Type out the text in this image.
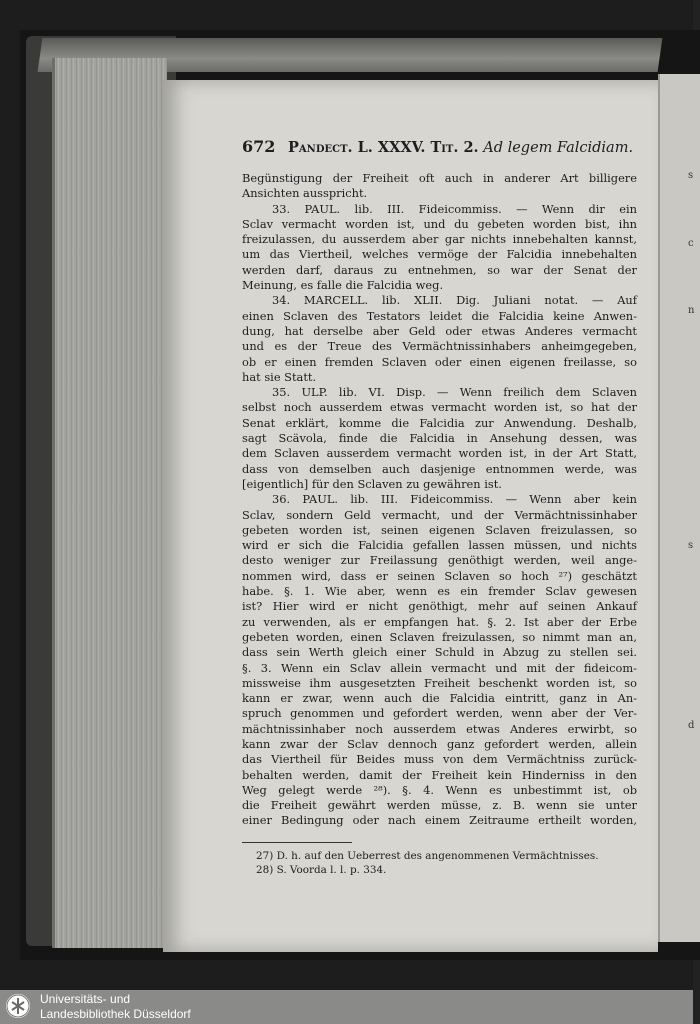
s
c
n
s
d
672 Pandect. L. XXXV. Tit. 2. Ad legem Falcidiam.
Begünstigung der Freiheit oft auch in anderer Art billigere
Ansichten ausspricht.
33. PAUL. lib. III. Fideicommiss. — Wenn dir ein
Sclav vermacht worden ist, und du gebeten worden bist, ihn
freizulassen, du ausserdem aber gar nichts innebehalten kannst,
um das Viertheil, welches vermöge der Falcidia innebehalten
werden darf, daraus zu entnehmen, so war der Senat der
Meinung, es falle die Falcidia weg.
34. MARCELL. lib. XLII. Dig. Juliani notat. — Auf
einen Sclaven des Testators leidet die Falcidia keine Anwen-
dung, hat derselbe aber Geld oder etwas Anderes vermacht
und es der Treue des Vermächtnissinhabers anheimgegeben,
ob er einen fremden Sclaven oder einen eigenen freilasse, so
hat sie Statt.
35. ULP. lib. VI. Disp. — Wenn freilich dem Sclaven
selbst noch ausserdem etwas vermacht worden ist, so hat der
Senat erklärt, komme die Falcidia zur Anwendung. Deshalb,
sagt Scävola, finde die Falcidia in Ansehung dessen, was
dem Sclaven ausserdem vermacht worden ist, in der Art Statt,
dass von demselben auch dasjenige entnommen werde, was
[eigentlich] für den Sclaven zu gewähren ist.
36. PAUL. lib. III. Fideicommiss. — Wenn aber kein
Sclav, sondern Geld vermacht, und der Vermächtnissinhaber
gebeten worden ist, seinen eigenen Sclaven freizulassen, so
wird er sich die Falcidia gefallen lassen müssen, und nichts
desto weniger zur Freilassung genöthigt werden, weil ange-
nommen wird, dass er seinen Sclaven so hoch ²⁷) geschätzt
habe. §. 1. Wie aber, wenn es ein fremder Sclav gewesen
ist? Hier wird er nicht genöthigt, mehr auf seinen Ankauf
zu verwenden, als er empfangen hat. §. 2. Ist aber der Erbe
gebeten worden, einen Sclaven freizulassen, so nimmt man an,
dass sein Werth gleich einer Schuld in Abzug zu stellen sei.
§. 3. Wenn ein Sclav allein vermacht und mit der fideicom-
missweise ihm ausgesetzten Freiheit beschenkt worden ist, so
kann er zwar, wenn auch die Falcidia eintritt, ganz in An-
spruch genommen und gefordert werden, wenn aber der Ver-
mächtnissinhaber noch ausserdem etwas Anderes erwirbt, so
kann zwar der Sclav dennoch ganz gefordert werden, allein
das Viertheil für Beides muss von dem Vermächtniss zurück-
behalten werden, damit der Freiheit kein Hinderniss in den
Weg gelegt werde ²⁸). §. 4. Wenn es unbestimmt ist, ob
die Freiheit gewährt werden müsse, z. B. wenn sie unter
einer Bedingung oder nach einem Zeitraume ertheilt worden,
27) D. h. auf den Ueberrest des angenommenen Vermächtnisses.
28) S. Voorda l. l. p. 334.
Universitäts- und
Landesbibliothek Düsseldorf
